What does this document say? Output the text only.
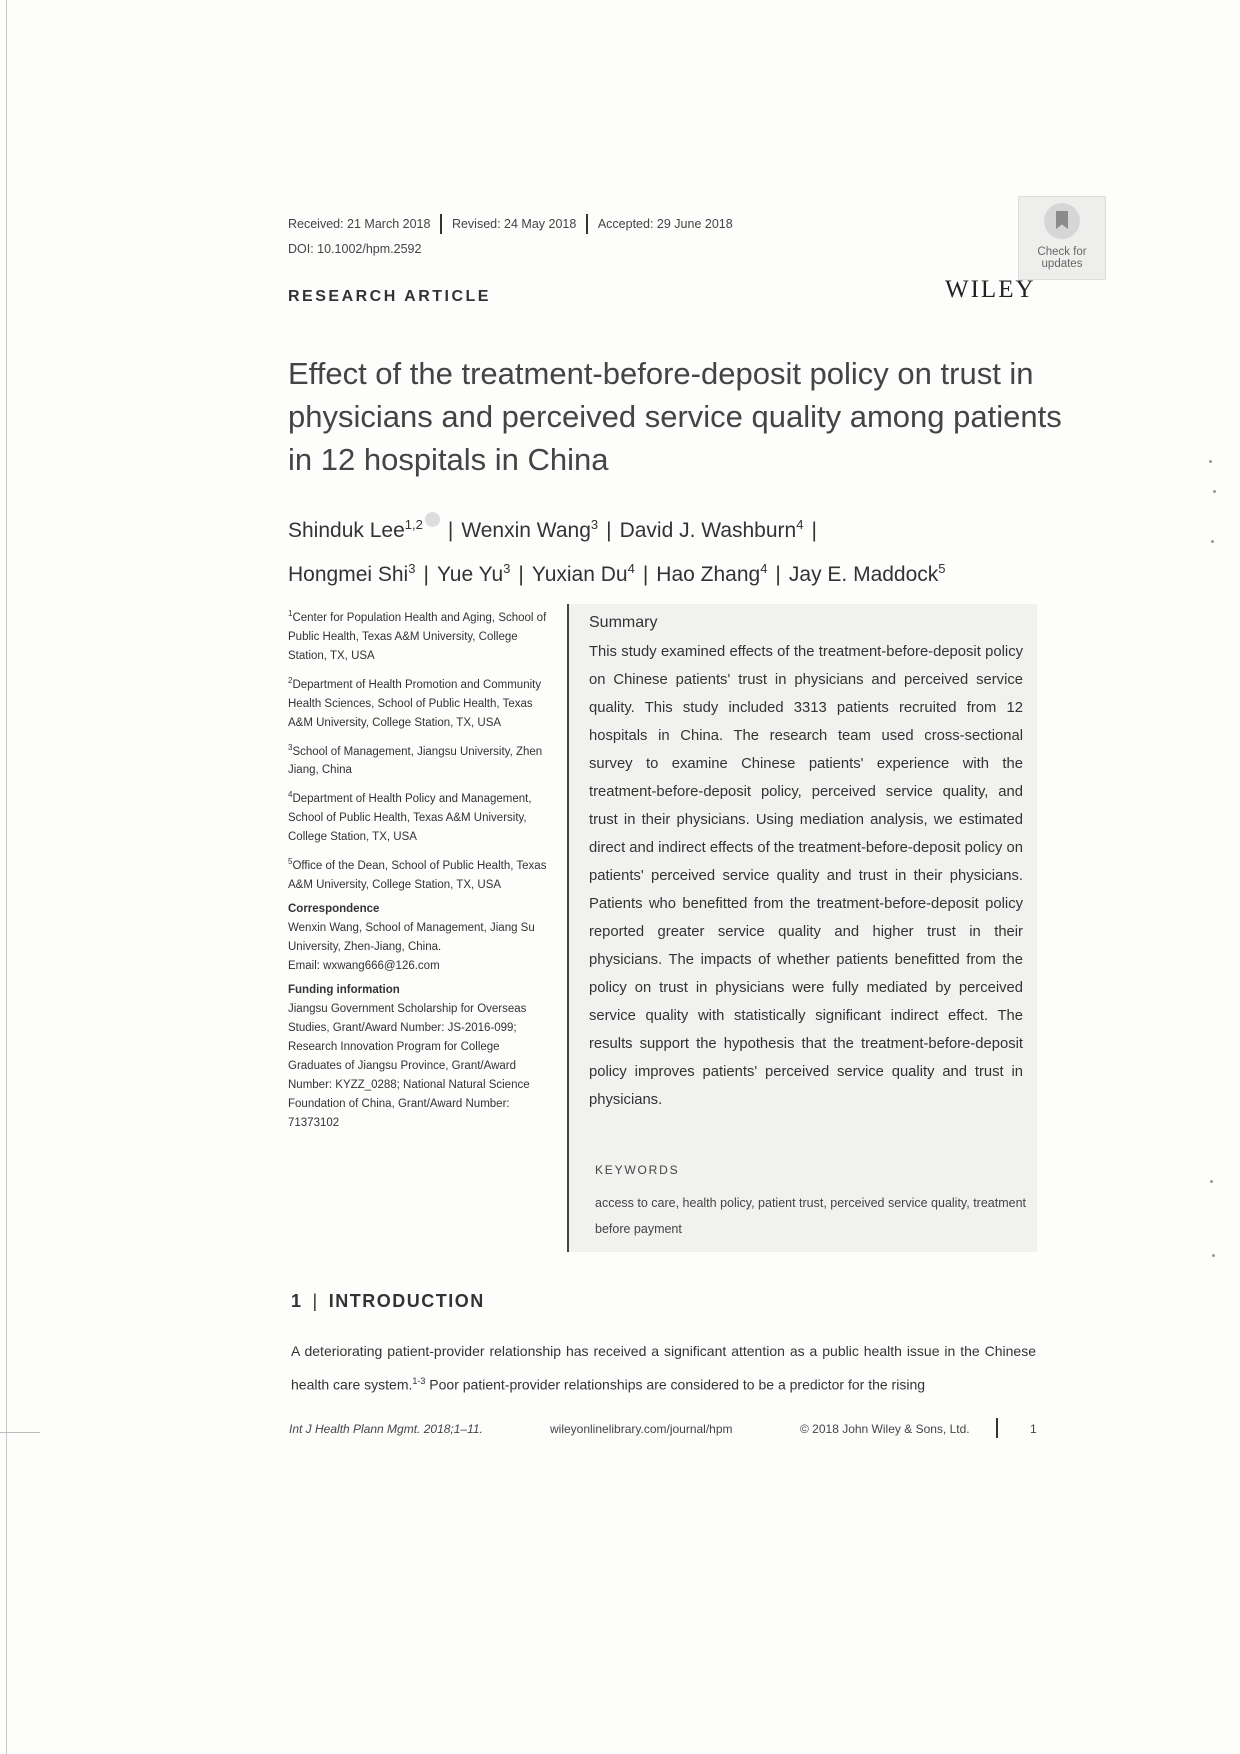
Received: 21 March 2018 Revised: 24 May 2018 Accepted: 29 June 2018
DOI: 10.1002/hpm.2592	Check for updates
WILEY
RESEARCH ARTICLE
Effect of the treatment-before-deposit policy on trust in physicians and perceived service quality among patients in 12 hospitals in China
Shinduk Lee$^{1,2}$ | Wenxin Wang$^3$ | David J. Washburn$^4$ |
Hongmei Shi$^3$ | Yue Yu$^3$ | Yuxian Du$^4$ | Hao Zhang$^4$ | Jay E. Maddock$^5$

$^1$Center for Population Health and Aging, School of Public Health, Texas A&M University, College Station, TX, USA

$^2$Department of Health Promotion and Community Health Sciences, School of Public Health, Texas A&M University, College Station, TX, USA

$^3$School of Management, Jiangsu University, Zhen Jiang, China

$^4$Department of Health Policy and Management, School of Public Health, Texas A&M University, College Station, TX, USA

$^5$Office of the Dean, School of Public Health, Texas A&M University, College Station, TX, USA

Correspondence

Wenxin Wang, School of Management, Jiang Su University, Zhen-Jiang, China.

Email: wxwang666@126.com

Funding information

Jiangsu Government Scholarship for Overseas Studies, Grant/Award Number: JS-2016-099; Research Innovation Program for College Graduates of Jiangsu Province, Grant/Award Number: KYZZ_0288; National Natural Science Foundation of China, Grant/Award Number: 71373102

Summary
This study examined effects of the treatment-before-deposit policy on Chinese patients' trust in physicians and perceived service quality. This study included 3313 patients recruited from 12 hospitals in China. The research team used cross-sectional survey to examine Chinese patients' experience with the treatment-before-deposit policy, perceived service quality, and trust in their physicians. Using mediation analysis, we estimated direct and indirect effects of the treatment-before-deposit policy on patients' perceived service quality and trust in their physicians. Patients who benefitted from the treatment-before-deposit policy reported greater service quality and higher trust in their physicians. The impacts of whether patients benefitted from the policy on trust in physicians were fully mediated by perceived service quality with statistically significant indirect effect. The results support the hypothesis that the treatment-before-deposit policy improves patients' perceived service quality and trust in physicians.
KEYWORDS
access to care, health policy, patient trust, perceived service quality, treatment before payment
1 | INTRODUCTION
A deteriorating patient-provider relationship has received a significant attention as a public health issue in the Chinese health care system.$^{1-3}$ Poor patient-provider relationships are considered to be a predictor for the rising
Int J Health Plann Mgmt. 2018;1–11.	wileyonlinelibrary.com/journal/hpm	© 2018 John Wiley & Sons, Ltd.	1
